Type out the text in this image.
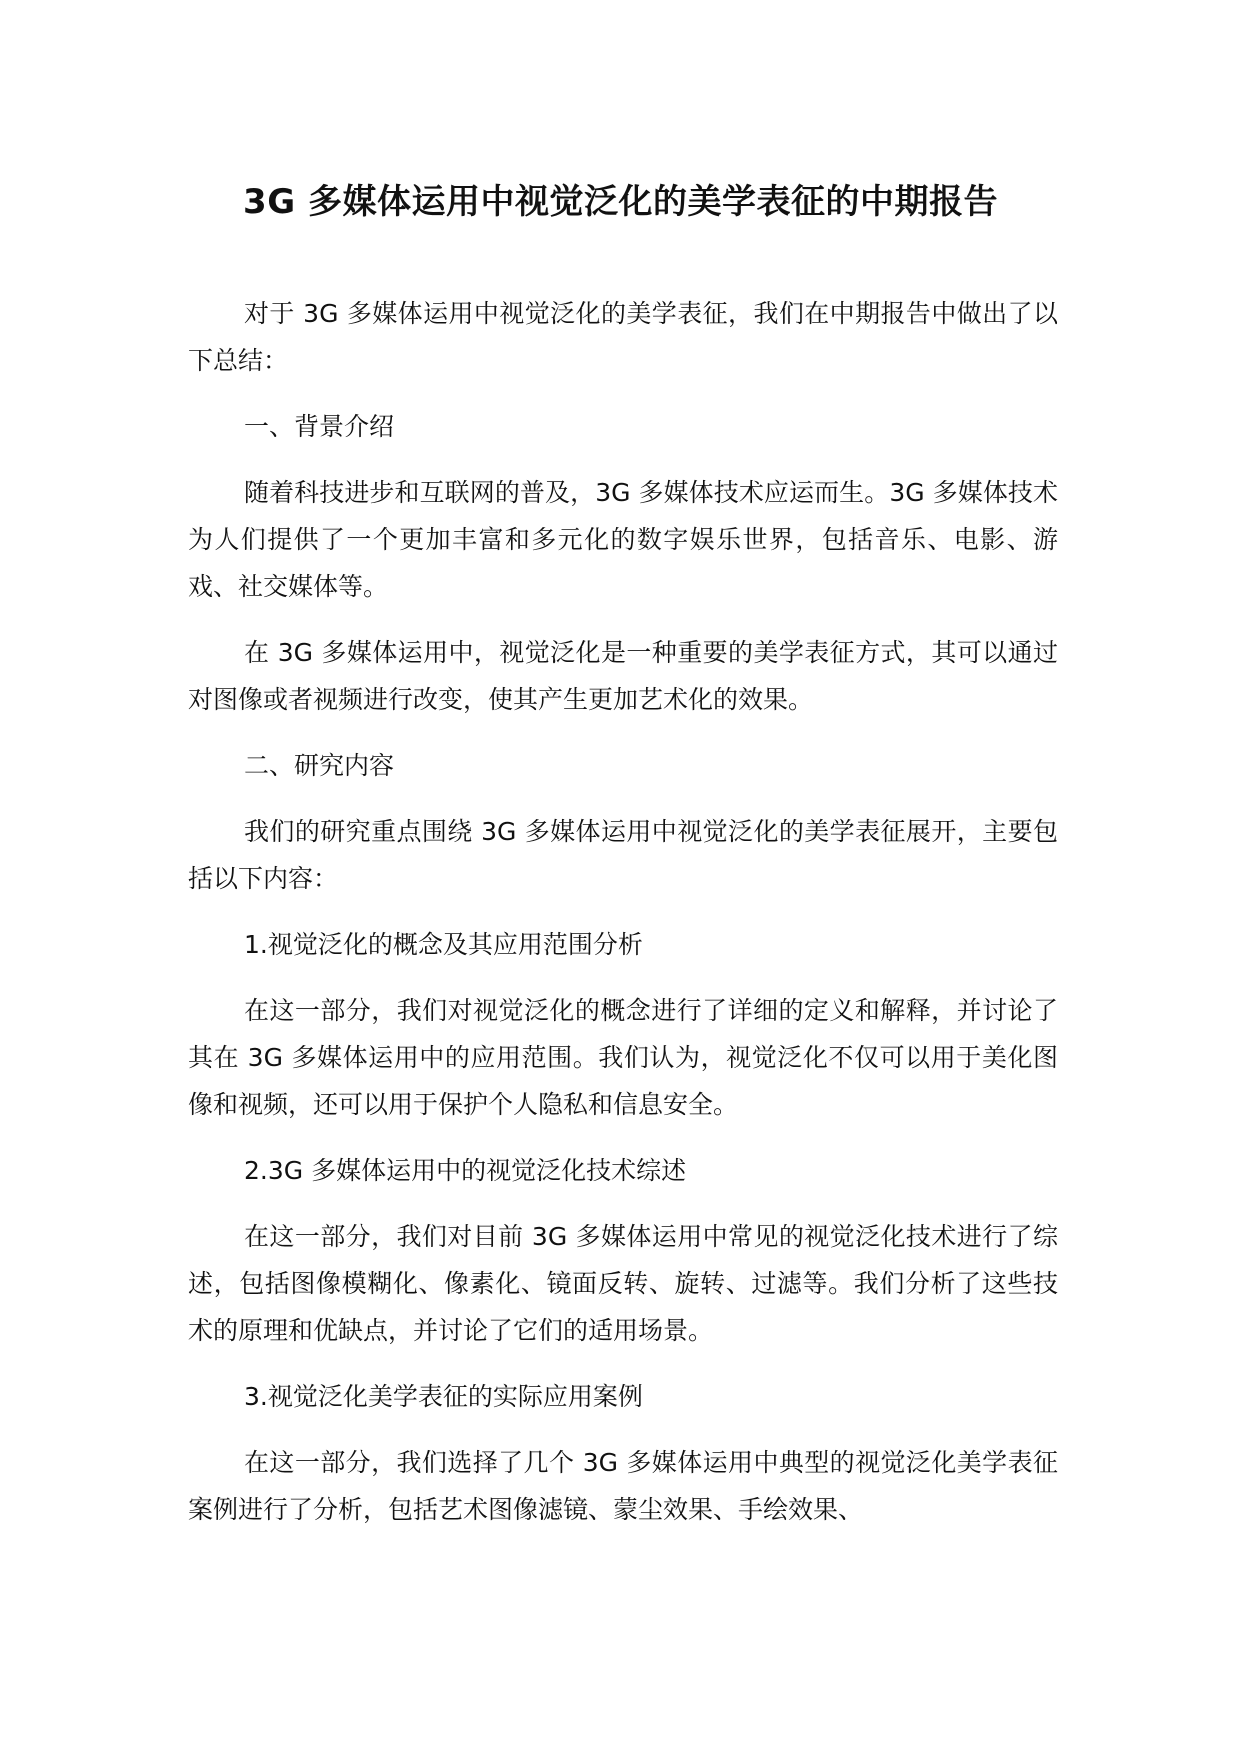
3G 多媒体运用中视觉泛化的美学表征的中期报告

对于 3G 多媒体运用中视觉泛化的美学表征，我们在中期报告中做出了以下总结：

一、背景介绍

随着科技进步和互联网的普及，3G 多媒体技术应运而生。3G 多媒体技术为人们提供了一个更加丰富和多元化的数字娱乐世界，包括音乐、电影、游戏、社交媒体等。

在 3G 多媒体运用中，视觉泛化是一种重要的美学表征方式，其可以通过对图像或者视频进行改变，使其产生更加艺术化的效果。

二、研究内容

我们的研究重点围绕 3G 多媒体运用中视觉泛化的美学表征展开，主要包括以下内容：

1.视觉泛化的概念及其应用范围分析

在这一部分，我们对视觉泛化的概念进行了详细的定义和解释，并讨论了其在 3G 多媒体运用中的应用范围。我们认为，视觉泛化不仅可以用于美化图像和视频，还可以用于保护个人隐私和信息安全。

2.3G 多媒体运用中的视觉泛化技术综述

在这一部分，我们对目前 3G 多媒体运用中常见的视觉泛化技术进行了综述，包括图像模糊化、像素化、镜面反转、旋转、过滤等。我们分析了这些技术的原理和优缺点，并讨论了它们的适用场景。

3.视觉泛化美学表征的实际应用案例

在这一部分，我们选择了几个 3G 多媒体运用中典型的视觉泛化美学表征案例进行了分析，包括艺术图像滤镜、蒙尘效果、手绘效果、
